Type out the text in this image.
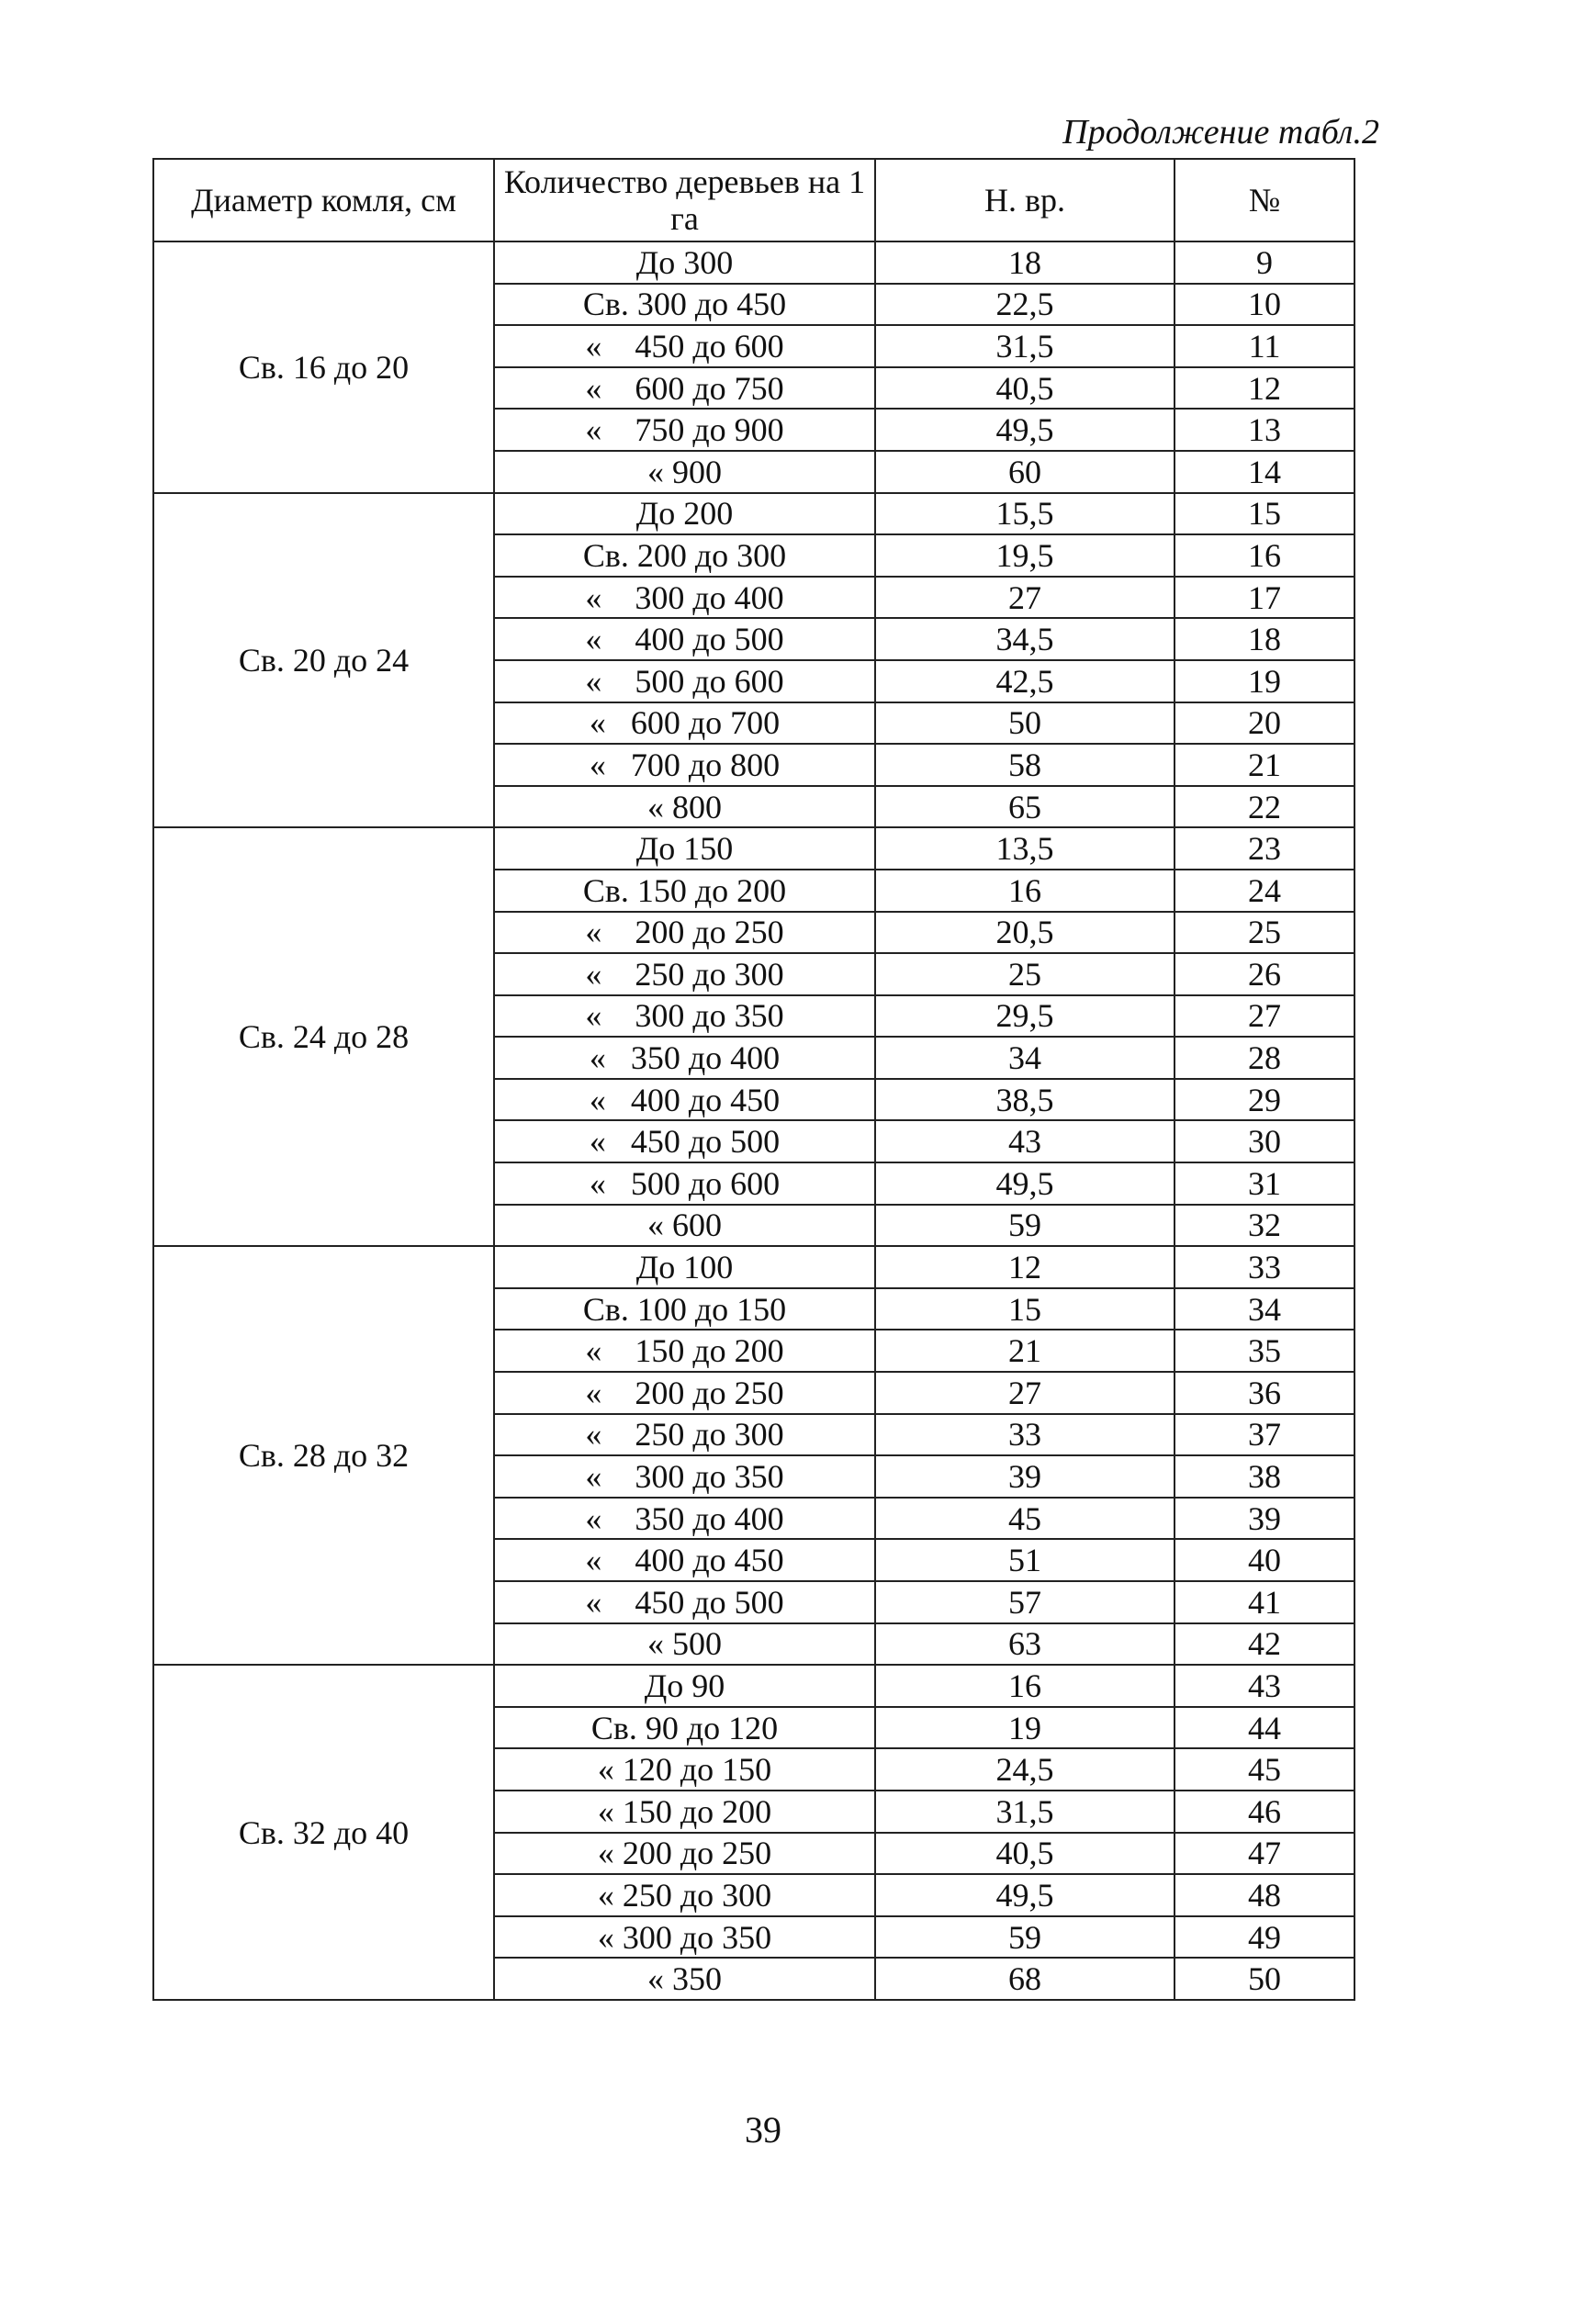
Продолжение табл.2
Диаметр комля, см	Количество деревьев на 1 га	Н. вр.	№
Св. 16 до 20	До 300	18	9
	Св. 300 до 450	22,5	10
	«    450 до 600	31,5	11
	«    600 до 750	40,5	12
	«    750 до 900	49,5	13
	« 900	60	14
Св. 20 до 24	До 200	15,5	15
	Св. 200 до 300	19,5	16
	«    300 до 400	27	17
	«    400 до 500	34,5	18
	«    500 до 600	42,5	19
	«   600 до 700	50	20
	«   700 до 800	58	21
	« 800	65	22
Св. 24 до 28	До 150	13,5	23
	Св. 150 до 200	16	24
	«    200 до 250	20,5	25
	«    250 до 300	25	26
	«    300 до 350	29,5	27
	«   350 до 400	34	28
	«   400 до 450	38,5	29
	«   450 до 500	43	30
	«   500 до 600	49,5	31
	« 600	59	32
Св. 28 до 32	До 100	12	33
	Св. 100 до 150	15	34
	«    150 до 200	21	35
	«    200 до 250	27	36
	«    250 до 300	33	37
	«    300 до 350	39	38
	«    350 до 400	45	39
	«    400 до 450	51	40
	«    450 до 500	57	41
	« 500	63	42
Св. 32 до 40	До 90	16	43
	Св. 90 до 120	19	44
	« 120 до 150	24,5	45
	« 150 до 200	31,5	46
	« 200 до 250	40,5	47
	« 250 до 300	49,5	48
	« 300 до 350	59	49
	« 350	68	50
39
